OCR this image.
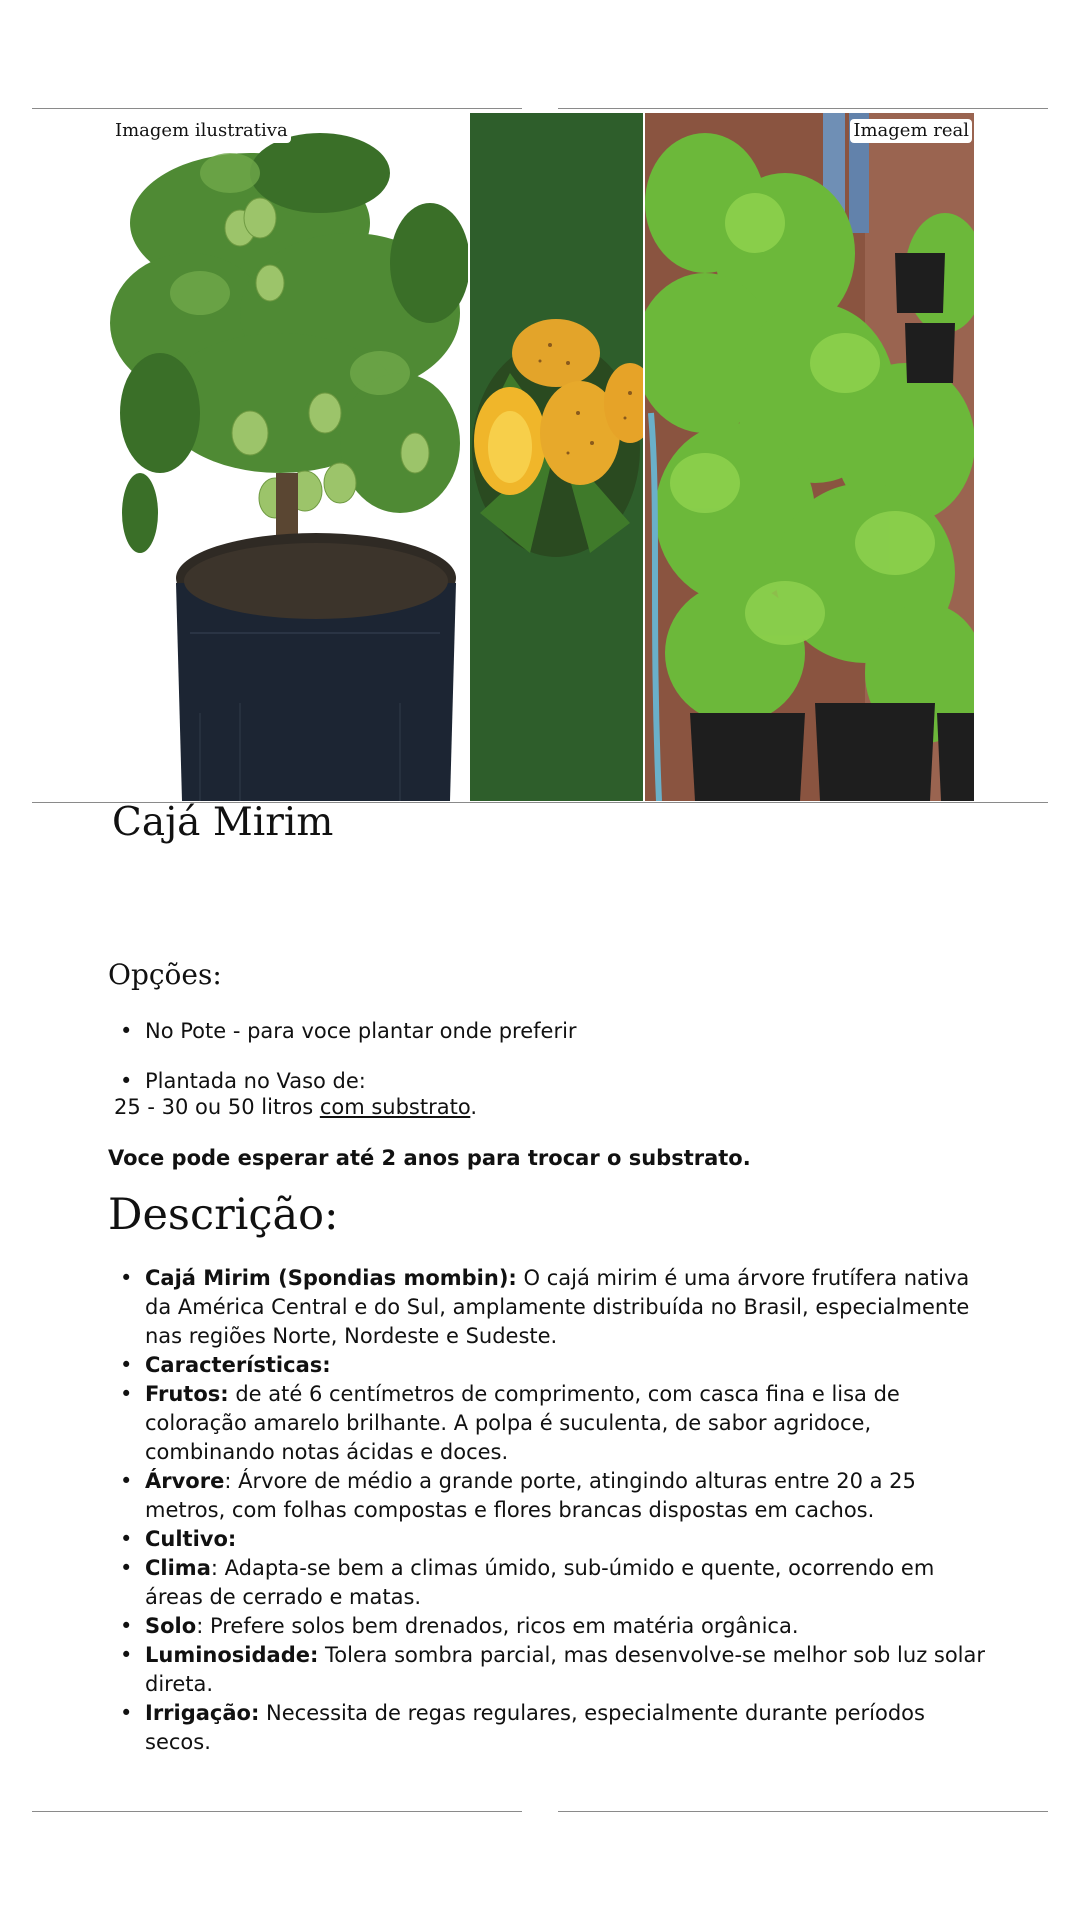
Imagem ilustrativa	Imagem real
Cajá Mirim
Opções:
• No Pote - para voce plantar onde preferir
• Plantada no Vaso de:
25 - 30 ou 50 litros com substrato.

Voce pode esperar até 2 anos para trocar o substrato.

Descrição:
• Cajá Mirim (Spondias mombin): O cajá mirim é uma árvore frutífera nativa da América Central e do Sul, amplamente distribuída no Brasil, especialmente nas regiões Norte, Nordeste e Sudeste.
• Características:
• Frutos: de até 6 centímetros de comprimento, com casca fina e lisa de coloração amarelo brilhante. A polpa é suculenta, de sabor agridoce, combinando notas ácidas e doces.
• Árvore: Árvore de médio a grande porte, atingindo alturas entre 20 a 25 metros, com folhas compostas e flores brancas dispostas em cachos.
• Cultivo:
• Clima: Adapta-se bem a climas úmido, sub-úmido e quente, ocorrendo em áreas de cerrado e matas.
• Solo: Prefere solos bem drenados, ricos em matéria orgânica.
• Luminosidade: Tolera sombra parcial, mas desenvolve-se melhor sob luz solar direta.
• Irrigação: Necessita de regas regulares, especialmente durante períodos secos.
